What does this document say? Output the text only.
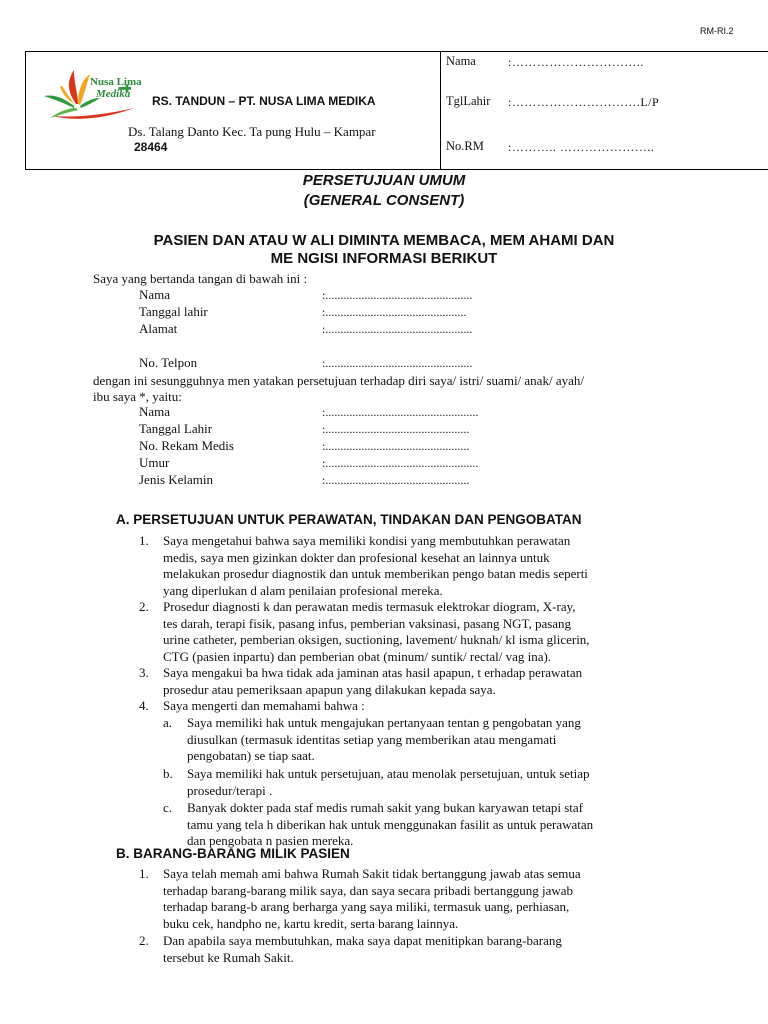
RM-RI.2
Nusa Lima
Medika RS. TANDUN – PT. NUSA LIMA MEDIKA
Ds. Talang Danto Kec. Ta pung Hulu – Kampar
28464
Nama	:…………………………..
TglLahir :………………………….L/P
No.RM :……….. …………………..
PERSETUJUAN UMUM
(GENERAL CONSENT)
PASIEN DAN ATAU W ALI DIMINTA MEMBACA, MEM AHAMI DAN
ME NGISI INFORMASI BERIKUT
Saya yang bertanda tangan di bawah ini :
Nama	:.................................................
Tanggal lahir	:...............................................
Alamat	:.................................................
No. Telpon	:.................................................
dengan ini sesungguhnya men yatakan persetujuan terhadap diri saya/ istri/ suami/ anak/ ayah/
ibu saya *, yaitu:
Nama	:...................................................
Tanggal Lahir	:................................................
No. Rekam Medis	:................................................
Umur	:...................................................
Jenis Kelamin	:................................................
A. PERSETUJUAN UNTUK PERAWATAN, TINDAKAN DAN PENGOBATAN
1. Saya mengetahui bahwa saya memiliki kondisi yang membutuhkan perawatan
medis, saya men gizinkan dokter dan profesional kesehat an lainnya untuk
melakukan prosedur diagnostik dan untuk memberikan pengo batan medis seperti
yang diperlukan d alam penilaian profesional mereka.
2. Prosedur diagnosti k dan perawatan medis termasuk elektrokar diogram, X-ray,
tes darah, terapi fisik, pasang infus, pemberian vaksinasi, pasang NGT, pasang
urine catheter, pemberian oksigen, suctioning, lavement/ huknah/ kl isma glicerin,
CTG (pasien inpartu) dan pemberian obat (minum/ suntik/ rectal/ vag ina).
3. Saya mengakui ba hwa tidak ada jaminan atas hasil apapun, t erhadap perawatan
prosedur atau pemeriksaan apapun yang dilakukan kepada saya.
4. Saya mengerti dan memahami bahwa :
a. Saya memiliki hak untuk mengajukan pertanyaan tentan g pengobatan yang
diusulkan (termasuk identitas setiap yang memberikan atau mengamati
pengobatan) se tiap saat.
b. Saya memiliki hak untuk persetujuan, atau menolak persetujuan, untuk setiap
prosedur/terapi .
c. Banyak dokter pada staf medis rumah sakit yang bukan karyawan tetapi staf
tamu yang tela h diberikan hak untuk menggunakan fasilit as untuk perawatan
dan pengobata n pasien mereka.
B. BARANG-BARANG MILIK PASIEN
1. Saya telah memah ami bahwa Rumah Sakit tidak bertanggung jawab atas semua
terhadap barang-barang milik saya, dan saya secara pribadi bertanggung jawab
terhadap barang-b arang berharga yang saya miliki, termasuk uang, perhiasan,
buku cek, handpho ne, kartu kredit, serta barang lainnya.
2. Dan apabila saya membutuhkan, maka saya dapat menitipkan barang-barang
tersebut ke Rumah Sakit.
